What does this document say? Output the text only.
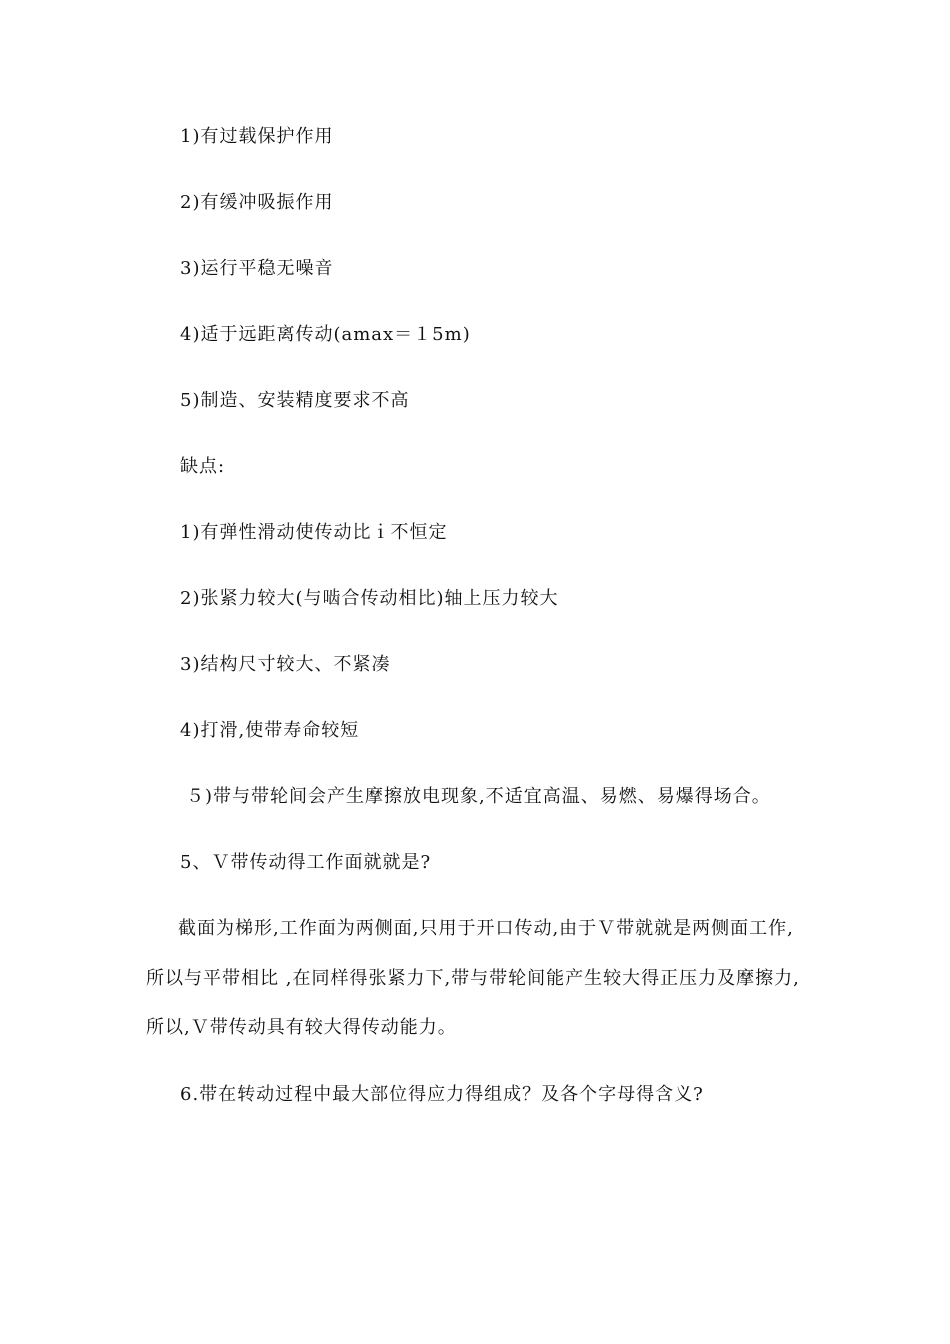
1)有过载保护作用
2)有缓冲吸振作用
3)运行平稳无噪音
4)适于远距离传动(amax＝１5m)
5)制造、安装精度要求不高
缺点:
1)有弹性滑动使传动比ｉ不恒定
2)张紧力较大(与啮合传动相比)轴上压力较大
3)结构尺寸较大、不紧凑
4)打滑,使带寿命较短
５)带与带轮间会产生摩擦放电现象,不适宜高温、易燃、易爆得场合。
5、Ｖ带传动得工作面就就是?
截面为梯形,工作面为两侧面,只用于开口传动,由于Ｖ带就就是两侧面工作,
所以与平带相比 ,在同样得张紧力下,带与带轮间能产生较大得正压力及摩擦力,
所以,Ｖ带传动具有较大得传动能力。
6.带在转动过程中最大部位得应力得组成？及各个字母得含义?
